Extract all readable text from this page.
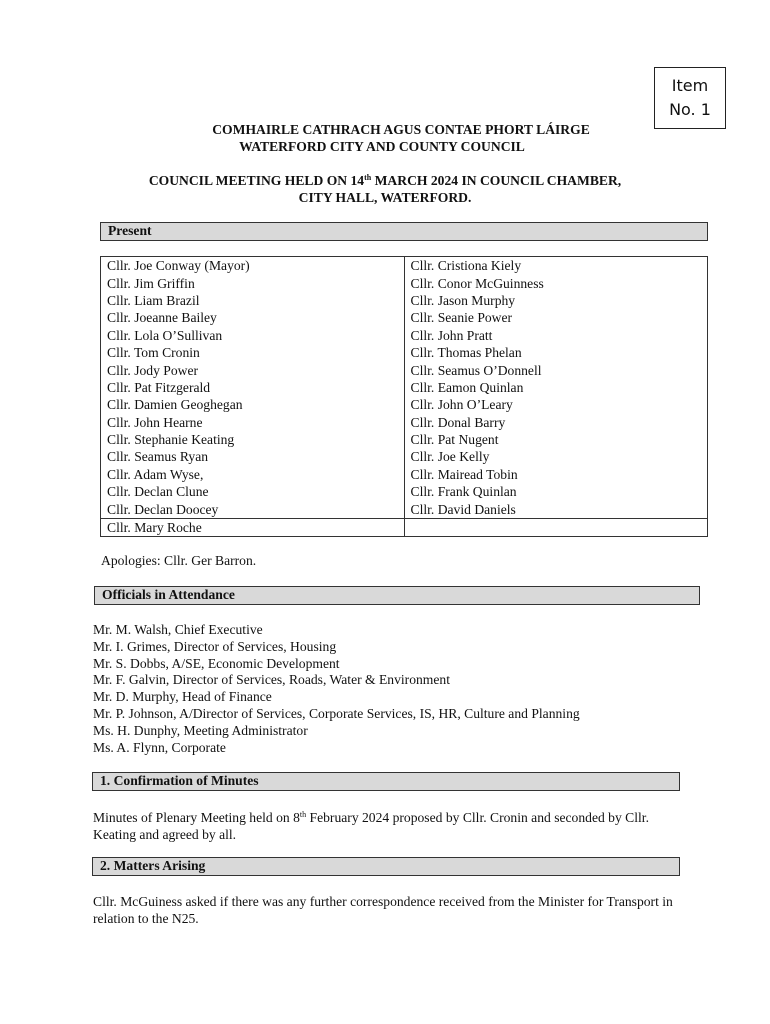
Item
No. 1
COMHAIRLE CATHRACH AGUS CONTAE PHORT LÁIRGE
WATERFORD CITY AND COUNTY COUNCIL
COUNCIL MEETING HELD ON 14th MARCH 2024 IN COUNCIL CHAMBER,
CITY HALL, WATERFORD.
Present
Cllr. Joe Conway (Mayor)	Cllr. Cristiona Kiely
Cllr. Jim Griffin	Cllr. Conor McGuinness
Cllr. Liam Brazil	Cllr. Jason Murphy
Cllr. Joeanne Bailey	Cllr. Seanie Power
Cllr. Lola O’Sullivan	Cllr. John Pratt
Cllr. Tom Cronin	Cllr. Thomas Phelan
Cllr. Jody Power	Cllr. Seamus O’Donnell
Cllr. Pat Fitzgerald	Cllr. Eamon Quinlan
Cllr. Damien Geoghegan	Cllr. John O’Leary
Cllr. John Hearne	Cllr. Donal Barry
Cllr. Stephanie Keating	Cllr. Pat Nugent
Cllr. Seamus Ryan	Cllr. Joe Kelly
Cllr. Adam Wyse,	Cllr. Mairead Tobin
Cllr. Declan Clune	Cllr. Frank Quinlan
Cllr. Declan Doocey	Cllr. David Daniels
Cllr. Mary Roche	
Apologies: Cllr. Ger Barron.
Officials in Attendance
Mr. M. Walsh, Chief Executive
Mr. I. Grimes, Director of Services, Housing
Mr. S. Dobbs, A/SE, Economic Development
Mr. F. Galvin, Director of Services, Roads, Water & Environment
Mr. D. Murphy, Head of Finance
Mr. P. Johnson, A/Director of Services, Corporate Services, IS, HR, Culture and Planning
Ms. H. Dunphy, Meeting Administrator
Ms. A. Flynn, Corporate
1. Confirmation of Minutes
Minutes of Plenary Meeting held on 8th February 2024 proposed by Cllr. Cronin and seconded by Cllr. Keating and agreed by all.
2. Matters Arising
Cllr. McGuiness asked if there was any further correspondence received from the Minister for Transport in relation to the N25.
